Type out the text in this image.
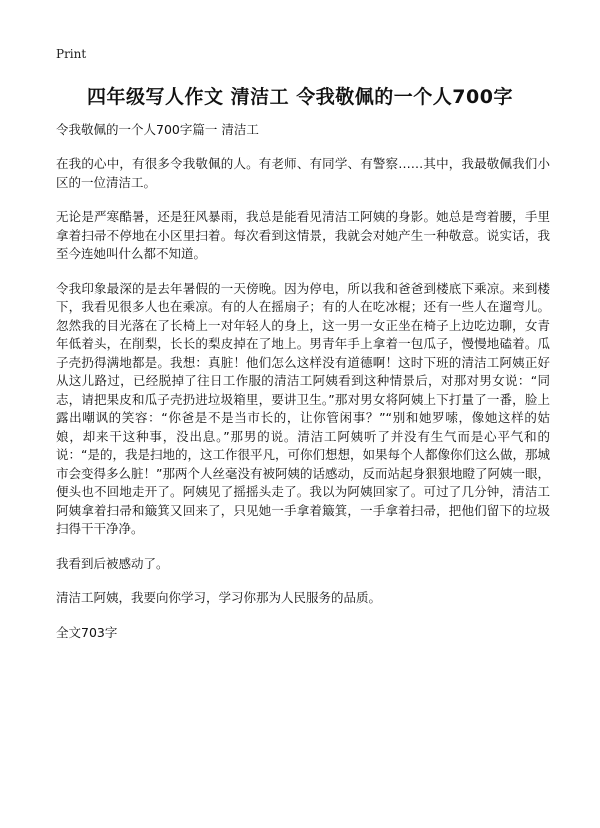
Print
四年级写人作文 清洁工 令我敬佩的一个人700字

令我敬佩的一个人700字篇一 清洁工

在我的心中，有很多令我敬佩的人。有老师、有同学、有警察……其中，我最敬佩我们小区的一位清洁工。

无论是严寒酷暑，还是狂风暴雨，我总是能看见清洁工阿姨的身影。她总是弯着腰，手里拿着扫帚不停地在小区里扫着。每次看到这情景，我就会对她产生一种敬意。说实话，我至今连她叫什么都不知道。

令我印象最深的是去年暑假的一天傍晚。因为停电，所以我和爸爸到楼底下乘凉。来到楼下，我看见很多人也在乘凉。有的人在摇扇子；有的人在吃冰棍；还有一些人在遛弯儿。忽然我的目光落在了长椅上一对年轻人的身上，这一男一女正坐在椅子上边吃边聊，女青年低着头，在削梨，长长的梨皮掉在了地上。男青年手上拿着一包瓜子，慢慢地磕着。瓜子壳扔得满地都是。我想：真脏！他们怎么这样没有道德啊！这时下班的清洁工阿姨正好从这儿路过，已经脱掉了往日工作服的清洁工阿姨看到这种情景后，对那对男女说：“同志，请把果皮和瓜子壳扔进垃圾箱里，要讲卫生。”那对男女将阿姨上下打量了一番，脸上露出嘲讽的笑容：“你爸是不是当市长的，让你管闲事？”“别和她罗嗦，像她这样的姑娘，却来干这种事，没出息。”那男的说。清洁工阿姨听了并没有生气而是心平气和的说：“是的，我是扫地的，这工作很平凡，可你们想想，如果每个人都像你们这么做，那城市会变得多么脏！”那两个人丝毫没有被阿姨的话感动，反而站起身狠狠地瞪了阿姨一眼，便头也不回地走开了。阿姨见了摇摇头走了。我以为阿姨回家了。可过了几分钟，清洁工阿姨拿着扫帚和簸箕又回来了，只见她一手拿着簸箕，一手拿着扫帚，把他们留下的垃圾扫得干干净净。

我看到后被感动了。

清洁工阿姨，我要向你学习，学习你那为人民服务的品质。

全文703字
